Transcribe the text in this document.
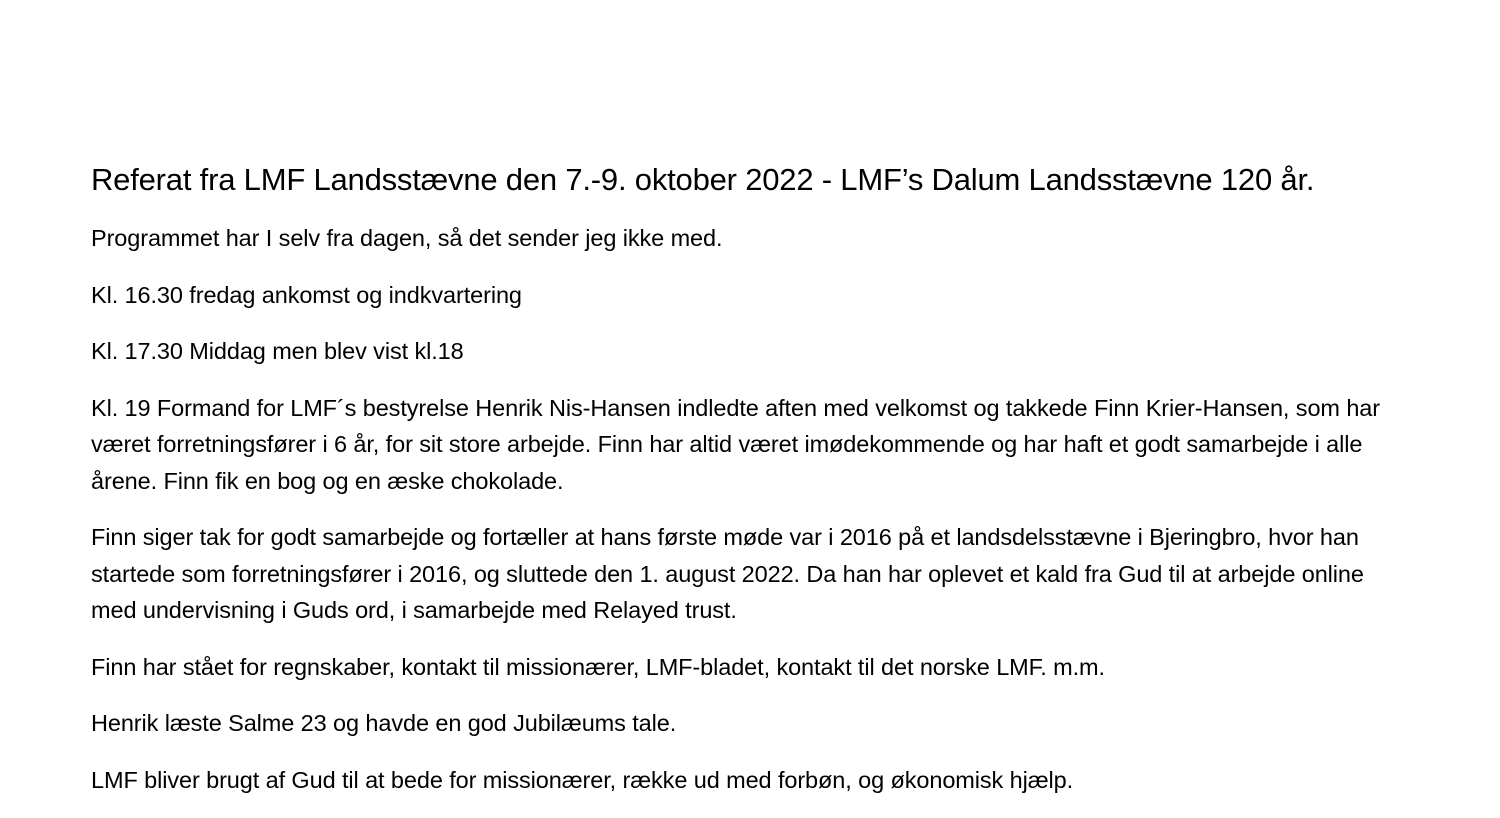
Referat fra LMF Landsstævne den 7.-9. oktober 2022 - LMF’s Dalum Landsstævne 120 år.

Programmet har I selv fra dagen, så det sender jeg ikke med.

Kl. 16.30 fredag ankomst og indkvartering

Kl. 17.30 Middag men blev vist kl.18

Kl. 19 Formand for LMF´s bestyrelse Henrik Nis-Hansen indledte aften med velkomst og takkede Finn Krier-Hansen, som har været forretningsfører i 6 år, for sit store arbejde. Finn har altid været imødekommende og har haft et godt samarbejde i alle årene. Finn fik en bog og en æske chokolade.

Finn siger tak for godt samarbejde og fortæller at hans første møde var i 2016 på et landsdelsstævne i Bjeringbro, hvor han startede som forretningsfører i 2016, og sluttede den 1. august 2022. Da han har oplevet et kald fra Gud til at arbejde online med undervisning i Guds ord, i samarbejde med Relayed trust.

Finn har stået for regnskaber, kontakt til missionærer, LMF-bladet, kontakt til det norske LMF. m.m.

Henrik læste Salme 23 og havde en god Jubilæums tale.

LMF bliver brugt af Gud til at bede for missionærer, række ud med forbøn, og økonomisk hjælp.
